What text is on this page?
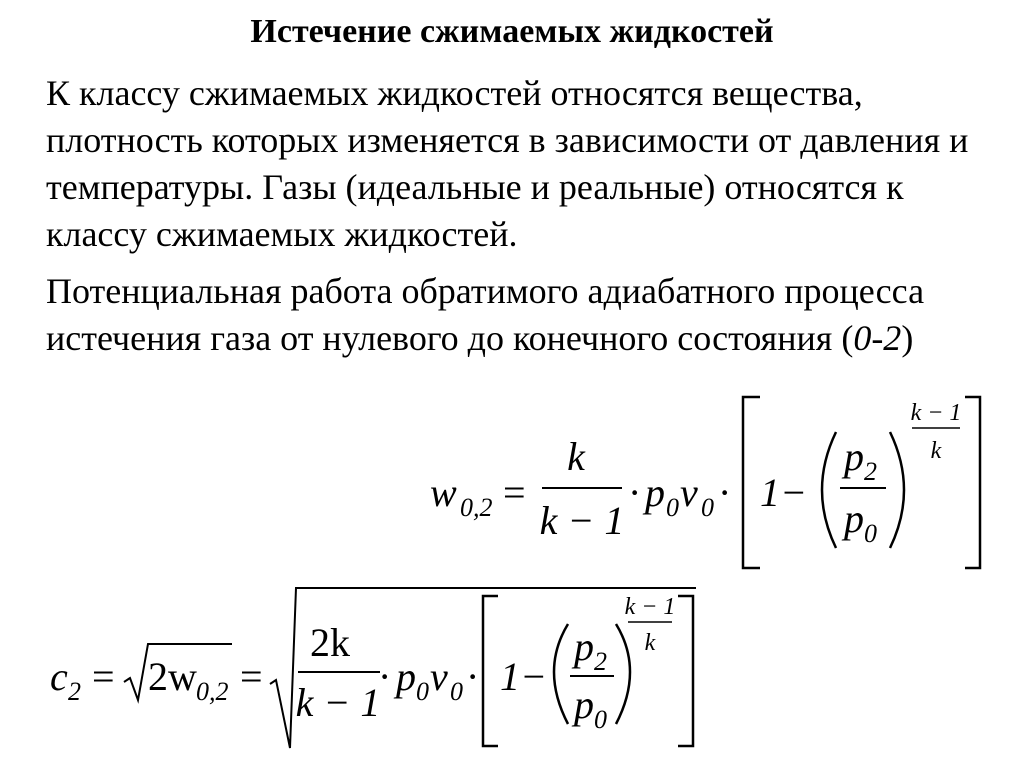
Истечение сжимаемых жидкостей

К классу сжимаемых жидкостей относятся вещества, плотность которых изменяется в зависимости от давления и температуры. Газы (идеальные и реальные) относятся к классу сжимаемых жидкостей.

Потенциальная работа обратимого адиабатного процесса истечения газа от нулевого до конечного состояния (0-2)

w 0,2 =
k
k − 1
· p 0 v 0 · 1−
p 2
p 0
k − 1
k
c 2 = 2w 0,2 =
2k
k − 1
· p 0 v 0 · 1−
p 2
p 0
k − 1
k
